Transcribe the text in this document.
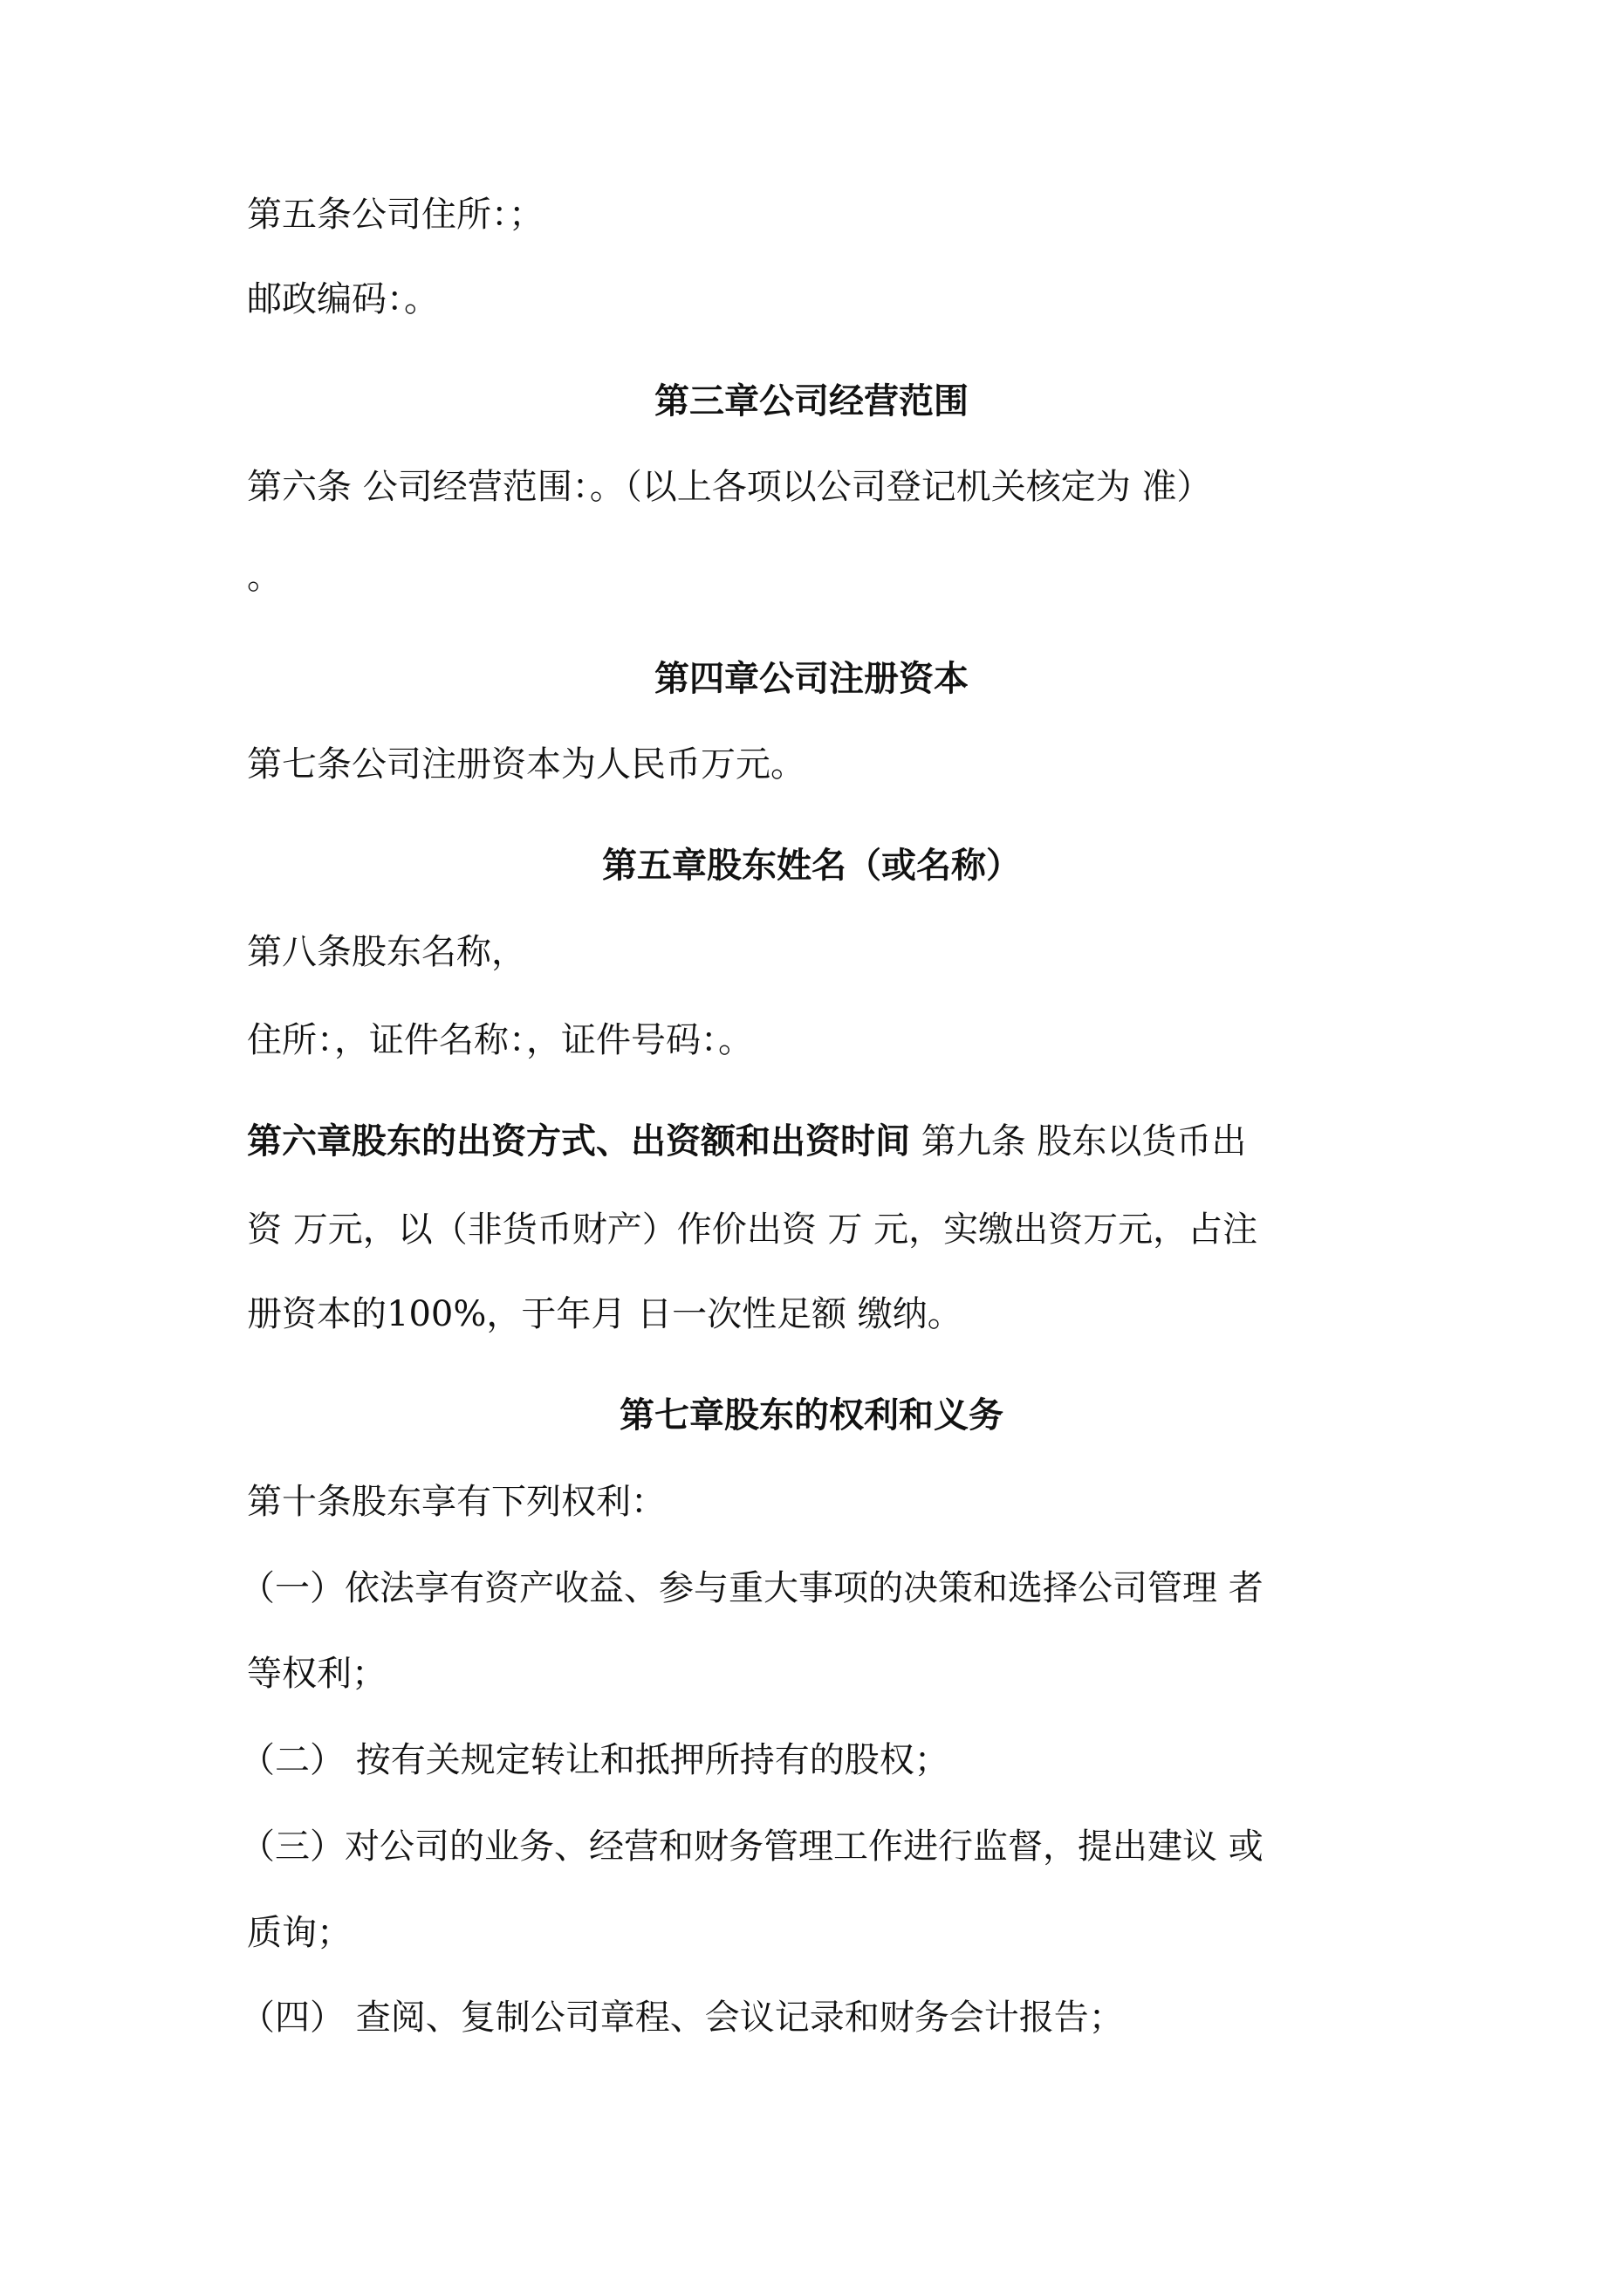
第五条公司住所：；
邮政编码：。
第三章公司经营范围
第六条 公司经营范围：。（以上各项以公司登记机关核定为 准）
。
第四章公司注册资本
第七条公司注册资本为人民币万元。
第五章股东姓名（或名称）
第八条股东名称，
住所：，证件名称：，证件号码：。
第六章股东的出资方式、出资额和出资时间 第九条 股东以货币出
资 万元，以（非货币财产）作价出资 万 元，实缴出资万元，占注
册资本的100%，于年月 日一次性足额 缴纳。
第七章股东的权利和义务
第十条股东享有下列权利：
（一）依法享有资产收益、参与重大事项的决策和选择公司管理 者
等权利；
（二） 按有关规定转让和抵押所持有的股权；
（三）对公司的业务、经营和财务管理工作进行监督，提出建议 或
质询；
（四） 查阅、复制公司章程、会议记录和财务会计报告；
